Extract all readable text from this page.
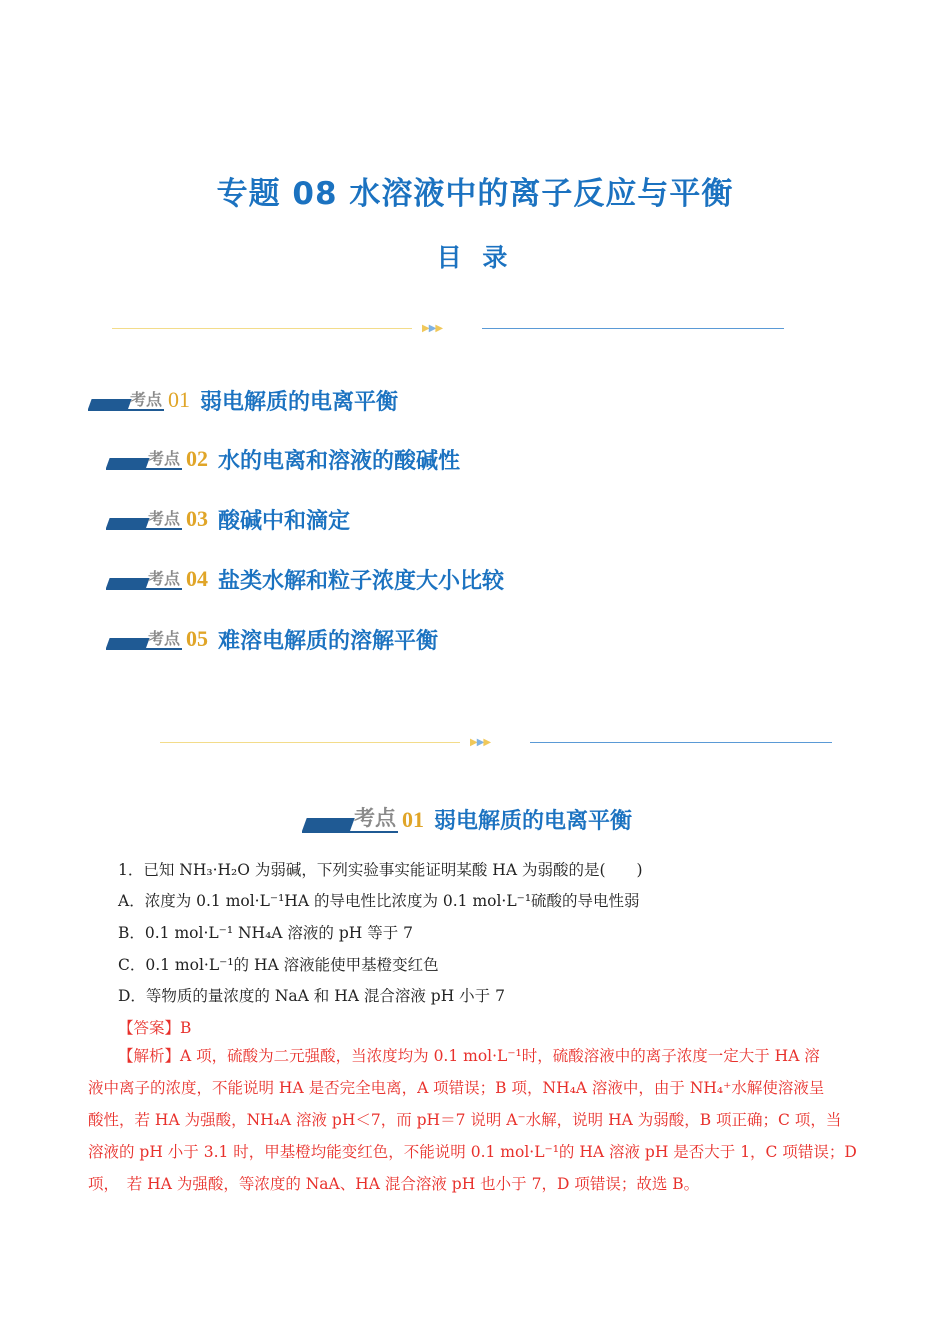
专题 08 水溶液中的离子反应与平衡
目 录
▶▶▶
考点 01 弱电解质的电离平衡
考点 02 水的电离和溶液的酸碱性
考点 03 酸碱中和滴定
考点 04 盐类水解和粒子浓度大小比较
考点 05 难溶电解质的溶解平衡
▶▶▶
考点 01 弱电解质的电离平衡
1．已知 NH₃·H₂O 为弱碱，下列实验事实能证明某酸 HA 为弱酸的是(　　)
A．浓度为 0.1 mol·L⁻¹HA 的导电性比浓度为 0.1 mol·L⁻¹硫酸的导电性弱
B．0.1 mol·L⁻¹ NH₄A 溶液的 pH 等于 7
C．0.1 mol·L⁻¹的 HA 溶液能使甲基橙变红色
D．等物质的量浓度的 NaA 和 HA 混合溶液 pH 小于 7
【答案】B
【解析】A 项，硫酸为二元强酸，当浓度均为 0.1 mol·L⁻¹时，硫酸溶液中的离子浓度一定大于 HA 溶
液中离子的浓度，不能说明 HA 是否完全电离，A 项错误；B 项，NH₄A 溶液中，由于 NH₄⁺水解使溶液呈
酸性，若 HA 为强酸，NH₄A 溶液 pH＜7，而 pH＝7 说明 A⁻水解，说明 HA 为弱酸，B 项正确；C 项，当
溶液的 pH 小于 3.1 时，甲基橙均能变红色，不能说明 0.1 mol·L⁻¹的 HA 溶液 pH 是否大于 1，C 项错误；D
项，　若 HA 为强酸，等浓度的 NaA、HA 混合溶液 pH 也小于 7，D 项错误；故选 B。
